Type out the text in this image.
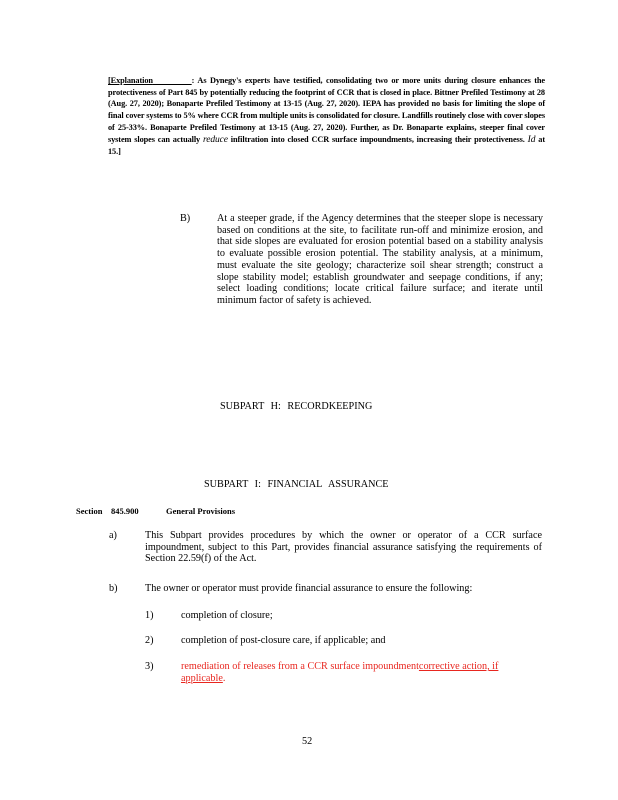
[Explanation	: As Dynegy's experts have testified, consolidating two or more units during closure enhances the protectiveness of Part 845 by potentially reducing the footprint of CCR that is closed in place. Bittner Prefiled Testimony at 28 (Aug. 27, 2020); Bonaparte Prefiled Testimony at 13-15 (Aug. 27, 2020). IEPA has provided no basis for limiting the slope of final cover systems to 5% where CCR from multiple units is consolidated for closure. Landfills routinely close with cover slopes of 25-33%. Bonaparte Prefiled Testimony at 13-15 (Aug. 27, 2020). Further, as Dr. Bonaparte explains, steeper final cover system slopes can actually reduce infiltration into closed CCR surface impoundments, increasing their protectiveness. Id at 15.]
B)	At a steeper grade, if the Agency determines that the steeper slope is necessary based on conditions at the site, to facilitate run-off and minimize erosion, and that side slopes are evaluated for erosion potential based on a stability analysis to evaluate possible erosion potential. The stability analysis, at a minimum, must evaluate the site geology; characterize soil shear strength; construct a slope stability model; establish groundwater and seepage conditions, if any; select loading conditions; locate critical failure surface; and iterate until minimum factor of safety is achieved.
SUBPART H: RECORDKEEPING
SUBPART I: FINANCIAL ASSURANCE
Section 845.900	General Provisions
a)	This Subpart provides procedures by which the owner or operator of a CCR surface impoundment, subject to this Part, provides financial assurance satisfying the requirements of Section 22.59(f) of the Act.
b)	The owner or operator must provide financial assurance to ensure the following:
1)	completion of closure;
2)	completion of post-closure care, if applicable; and
3)	remediation of releases from a CCR surface impoundmentcorrective action, if applicable.
52
